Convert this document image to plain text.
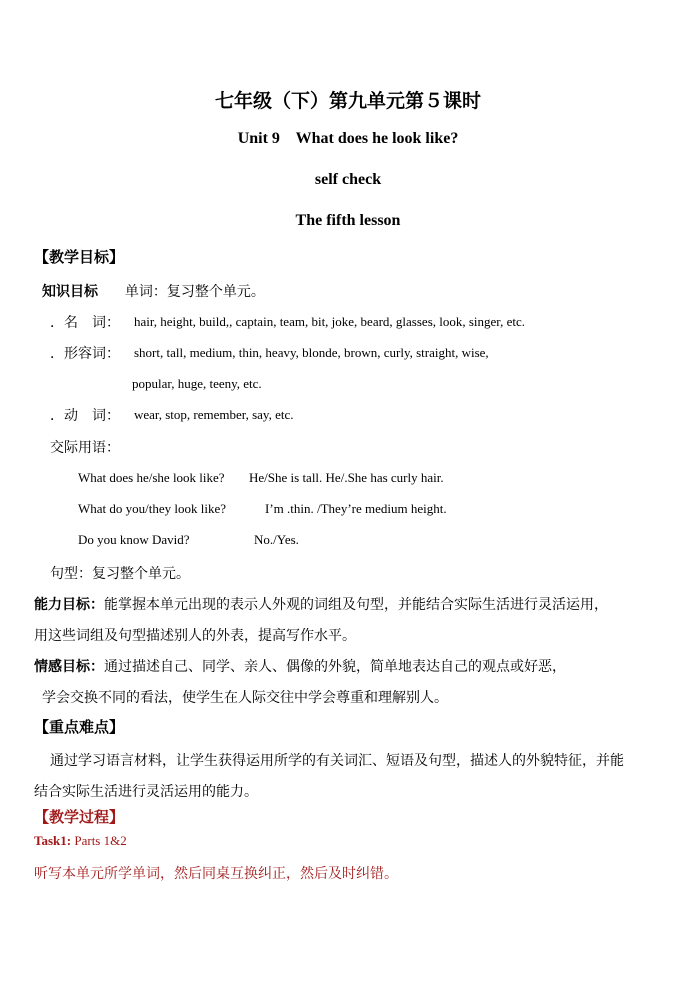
七年级（下）第九单元第５课时

Unit 9    What does he look like?

self check

The fifth lesson

【教学目标】

知识目标 单词：复习整个单元。
．名　词： hair, height, build,, captain, team, bit, joke, beard, glasses, look, singer, etc.

．形容词： short, tall, medium, thin, heavy, blonde, brown, curly, straight, wise,

popular, huge, teeny, etc.

．动　词： wear, stop, remember, say, etc.

交际用语：

What does he/she look like? He/She is tall. He/.She has curly hair.

What do you/they look like?	I’m .thin. /They’re medium height.

Do you know David?	No./Yes.

句型：复习整个单元。

能力目标：能掌握本单元出现的表示人外观的词组及句型，并能结合实际生活进行灵活运用，

用这些词组及句型描述别人的外表，提高写作水平。

情感目标：通过描述自己、同学、亲人、偶像的外貌，简单地表达自己的观点或好恶，

学会交换不同的看法，使学生在人际交往中学会尊重和理解别人。

【重点难点】

通过学习语言材料，让学生获得运用所学的有关词汇、短语及句型，描述人的外貌特征，并能

结合实际生活进行灵活运用的能力。

【教学过程】

Task1: Parts 1&2

听写本单元所学单词，然后同桌互换纠正，然后及时纠错。
